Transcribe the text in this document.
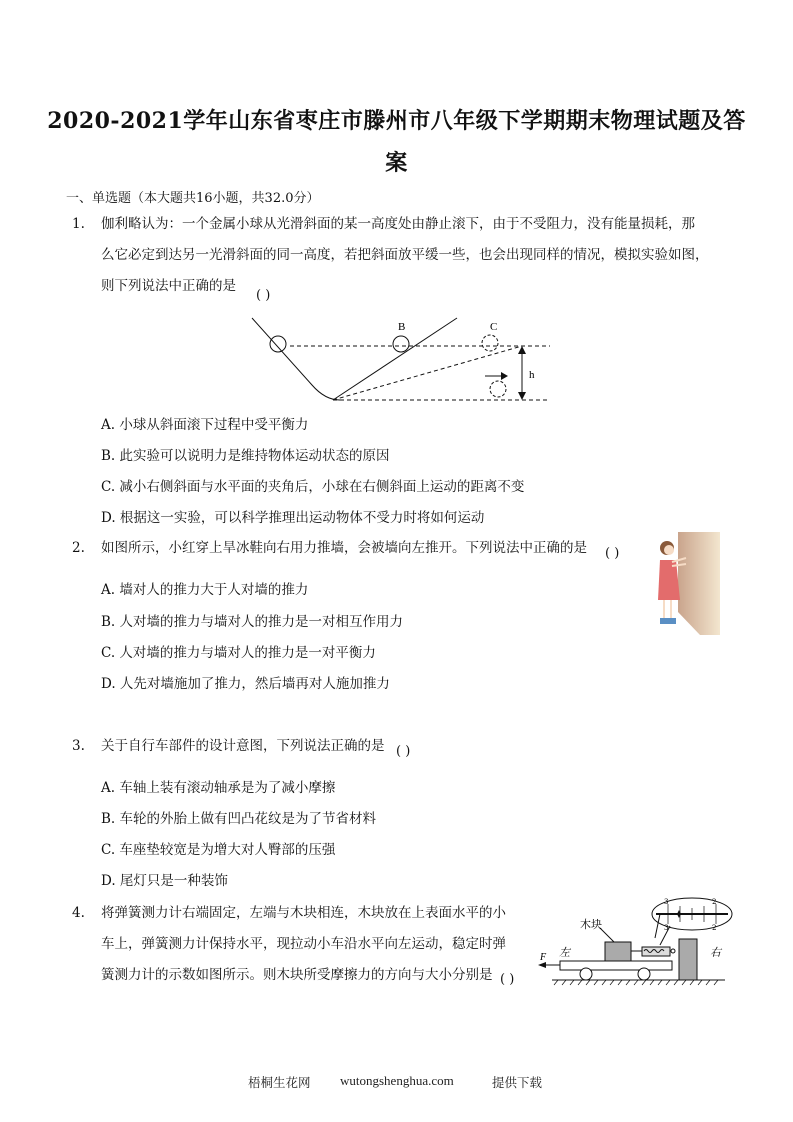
2020-2021学年山东省枣庄市滕州市八年级下学期期末物理试题及答
案
一、单选题（本大题共16小题，共32.0分）
1. 伽利略认为：一个金属小球从光滑斜面的某一高度处由静止滚下，由于不受阻力，没有能量损耗，那
么它必定到达另一光滑斜面的同一高度，若把斜面放平缓一些，也会出现同样的情况，模拟实验如图，
则下列说法中正确的是
( )
B	C
h
A. 小球从斜面滚下过程中受平衡力
B. 此实验可以说明力是维持物体运动状态的原因
C. 减小右侧斜面与水平面的夹角后，小球在右侧斜面上运动的距离不变
D. 根据这一实验，可以科学推理出运动物体不受力时将如何运动
2. 如图所示，小红穿上旱冰鞋向右用力推墙，会被墙向左推开。下列说法中正确的是 ( )
A. 墙对人的推力大于人对墙的推力
B. 人对墙的推力与墙对人的推力是一对相互作用力
C. 人对墙的推力与墙对人的推力是一对平衡力
D. 人先对墙施加了推力，然后墙再对人施加推力
3. 关于自行车部件的设计意图，下列说法正确的是 ( )
A. 车轴上装有滚动轴承是为了减小摩擦
B. 车轮的外胎上做有凹凸花纹是为了节省材料
C. 车座垫较宽是为增大对人臀部的压强
D. 尾灯只是一种装饰
4. 将弹簧测力计右端固定，左端与木块相连，木块放在上表面水平的小
车上，弹簧测力计保持水平，现拉动小车沿水平向左运动，稳定时弹
簧测力计的示数如图所示。则木块所受摩擦力的方向与大小分别是 ( )
木块
左	右
F
3	2
3	2
梧桐生花网 wutongshenghua.com	提供下载
